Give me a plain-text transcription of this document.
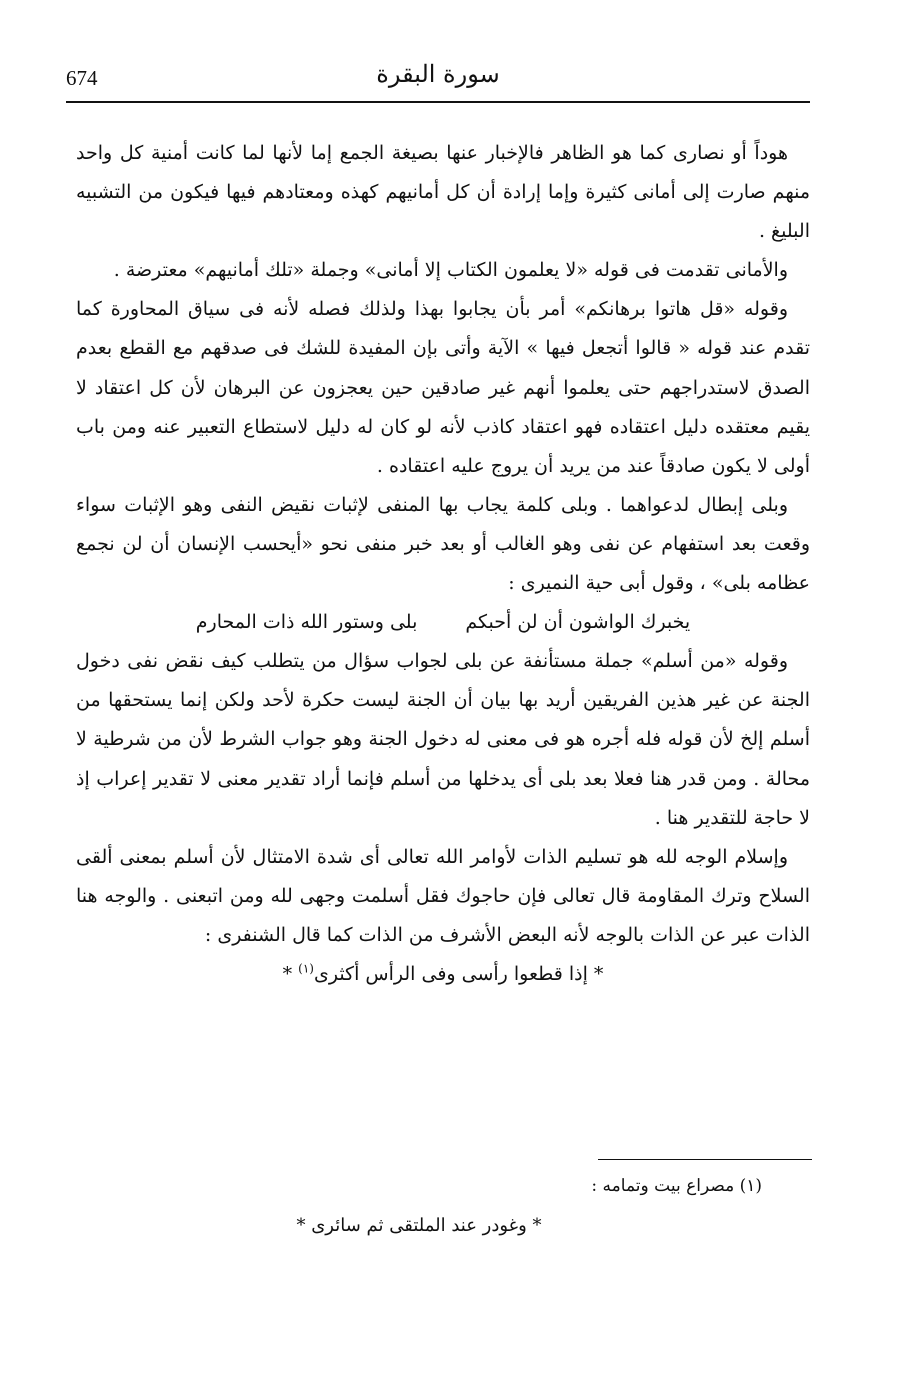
674	سورة البقرة

هوداً أو نصارى كما هو الظاهر فالإخبار عنها بصيغة الجمع إما لأنها لما كانت أمنية كل واحد منهم صارت إلى أمانى كثيرة وإما إرادة أن كل أمانيهم كهذه ومعتادهم فيها فيكون من التشبيه البليغ .

والأمانى تقدمت فى قوله «لا يعلمون الكتاب إلا أمانى» وجملة «تلك أمانيهم» معترضة .

وقوله «قل هاتوا برهانكم» أمر بأن يجابوا بهذا ولذلك فصله لأنه فى سياق المحاورة كما تقدم عند قوله « قالوا أتجعل فيها » الآية وأتى بإن المفيدة للشك فى صدقهم مع القطع بعدم الصدق لاستدراجهم حتى يعلموا أنهم غير صادقين حين يعجزون عن البرهان لأن كل اعتقاد لا يقيم معتقده دليل اعتقاده فهو اعتقاد كاذب لأنه لو كان له دليل لاستطاع التعبير عنه ومن باب أولى لا يكون صادقاً عند من يريد أن يروج عليه اعتقاده .

وبلى إبطال لدعواهما . وبلى كلمة يجاب بها المنفى لإثبات نقيض النفى وهو الإثبات سواء وقعت بعد استفهام عن نفى وهو الغالب أو بعد خبر منفى نحو «أيحسب الإنسان أن لن نجمع عظامه بلى» ، وقول أبى حية النميرى :

يخبرك الواشون أن لن أحبكمبلى وستور الله ذات المحارم

وقوله «من أسلم» جملة مستأنفة عن بلى لجواب سؤال من يتطلب كيف نقض نفى دخول الجنة عن غير هذين الفريقين أريد بها بيان أن الجنة ليست حكرة لأحد ولكن إنما يستحقها من أسلم إلخ لأن قوله فله أجره هو فى معنى له دخول الجنة وهو جواب الشرط لأن من شرطية لا محالة . ومن قدر هنا فعلا بعد بلى أى يدخلها من أسلم فإنما أراد تقدير معنى لا تقدير إعراب إذ لا حاجة للتقدير هنا .

وإسلام الوجه لله هو تسليم الذات لأوامر الله تعالى أى شدة الامتثال لأن أسلم بمعنى ألقى السلاح وترك المقاومة قال تعالى فإن حاجوك فقل أسلمت وجهى لله ومن اتبعنى . والوجه هنا الذات عبر عن الذات بالوجه لأنه البعض الأشرف من الذات كما قال الشنفرى :

* إذا قطعوا رأسى وفى الرأس أكثرى$^{(١)}$ *

(١) مصراع بيت وتمامه :
* وغودر عند الملتقى ثم سائرى *
